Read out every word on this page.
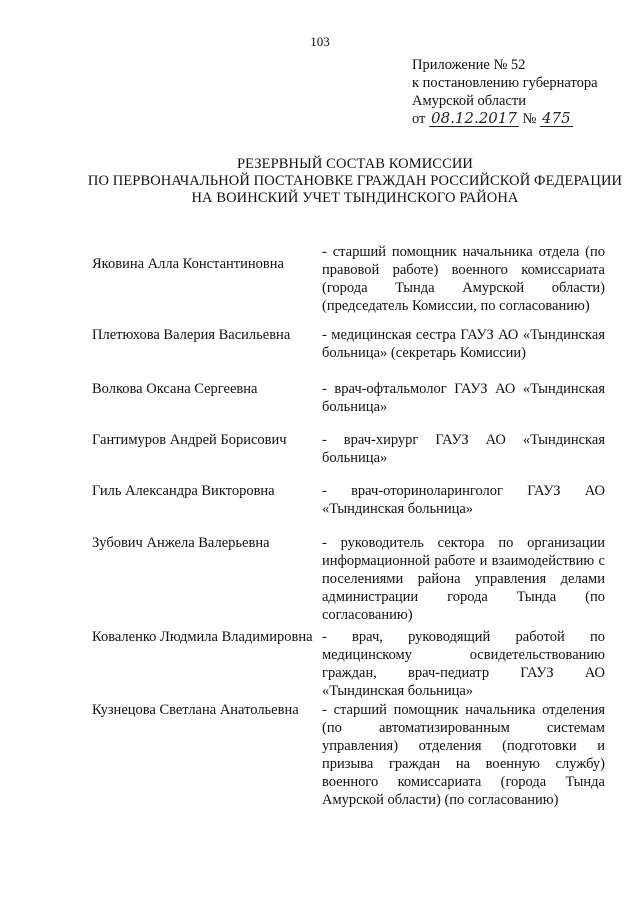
103
Приложение № 52
к постановлению губернатора
Амурской области
от 08.12.2017 № 475
РЕЗЕРВНЫЙ СОСТАВ КОМИССИИ
ПО ПЕРВОНАЧАЛЬНОЙ ПОСТАНОВКЕ ГРАЖДАН РОССИЙСКОЙ ФЕДЕРАЦИИ
НА ВОИНСКИЙ УЧЕТ ТЫНДИНСКОГО РАЙОНА
Яковина Алла Константиновна
- старший помощник начальника отдела (по правовой работе) военного комиссариата (города Тында Амурской области) (председатель Комиссии, по согласованию)
Плетюхова Валерия Васильевна	- медицинская сестра ГАУЗ АО «Тындинская больница» (секретарь Комиссии)
Волкова Оксана Сергеевна	- врач-офтальмолог ГАУЗ АО «Тындинская больница»
Гантимуров Андрей Борисович	- врач-хирург ГАУЗ АО «Тындинская больница»
Гиль Александра Викторовна	- врач-оториноларинголог ГАУЗ АО «Тындинская больница»
Зубович Анжела Валерьевна	- руководитель сектора по организации информационной работе и взаимодействию с поселениями района управления делами администрации города Тында (по согласованию)
Коваленко Людмила Владимировна - врач, руководящий работой по медицинскому освидетельствованию граждан, врач-педиатр ГАУЗ АО «Тындинская больница»
Кузнецова Светлана Анатольевна	- старший помощник начальника отделения (по автоматизированным системам управления) отделения (подготовки и призыва граждан на военную службу) военного комиссариата (города Тында Амурской области) (по согласованию)
